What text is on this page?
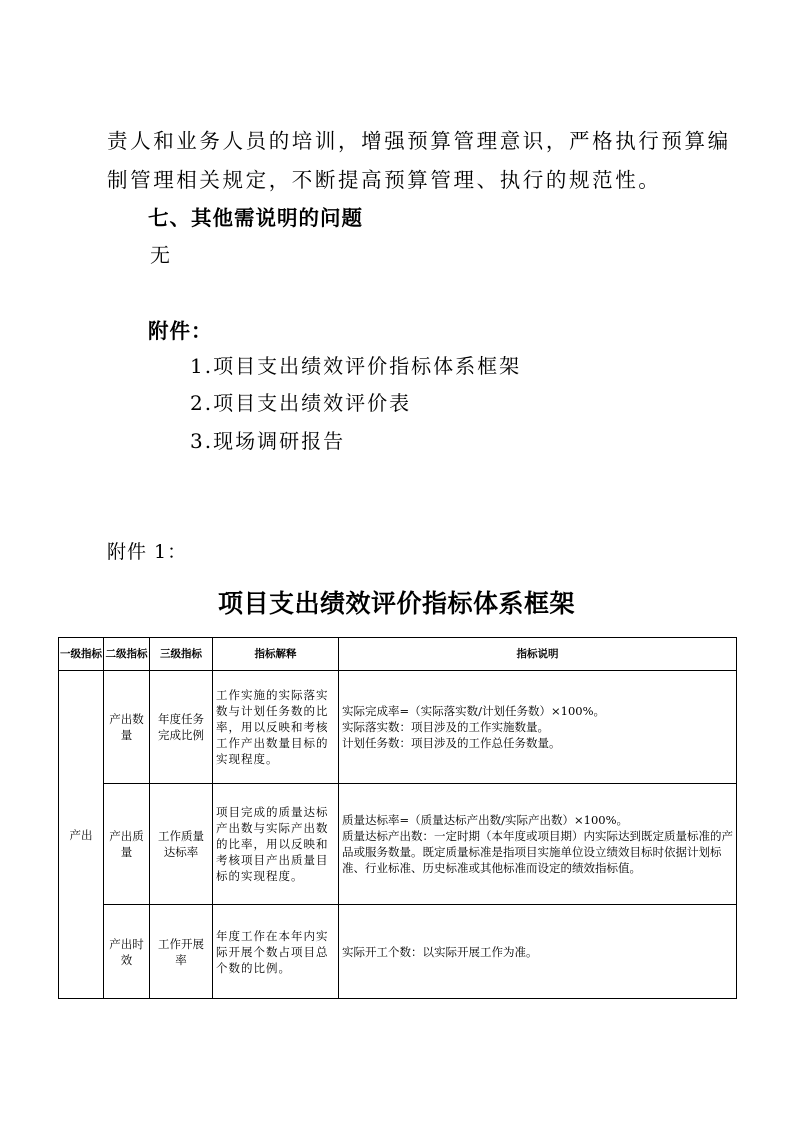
责人和业务人员的培训，增强预算管理意识，严格执行预算编
制管理相关规定，不断提高预算管理、执行的规范性。
七、其他需说明的问题
无
附件：
1.项目支出绩效评价指标体系框架
2.项目支出绩效评价表
3.现场调研报告
附件 1：
项目支出绩效评价指标体系框架
一级指标	二级指标	三级指标	指标解释	指标说明
产出	产出数量	年度任务完成比例	工作实施的实际落实数与计划任务数的比率，用以反映和考核工作产出数量目标的实现程度。	实际完成率=（实际落实数/计划任务数）×100%。
实际落实数：项目涉及的工作实施数量。
计划任务数：项目涉及的工作总任务数量。

	产出质量	工作质量达标率	项目完成的质量达标产出数与实际产出数的比率，用以反映和考核项目产出质量目标的实现程度。	质量达标率=（质量达标产出数/实际产出数）×100%。
质量达标产出数：一定时期（本年度或项目期）内实际达到既定质量标准的产品或服务数量。既定质量标准是指项目实施单位设立绩效目标时依据计划标准、行业标准、历史标准或其他标准而设定的绩效指标值。

	产出时效	工作开展率	年度工作在本年内实际开展个数占项目总个数的比例。	实际开工个数：以实际开展工作为准。
